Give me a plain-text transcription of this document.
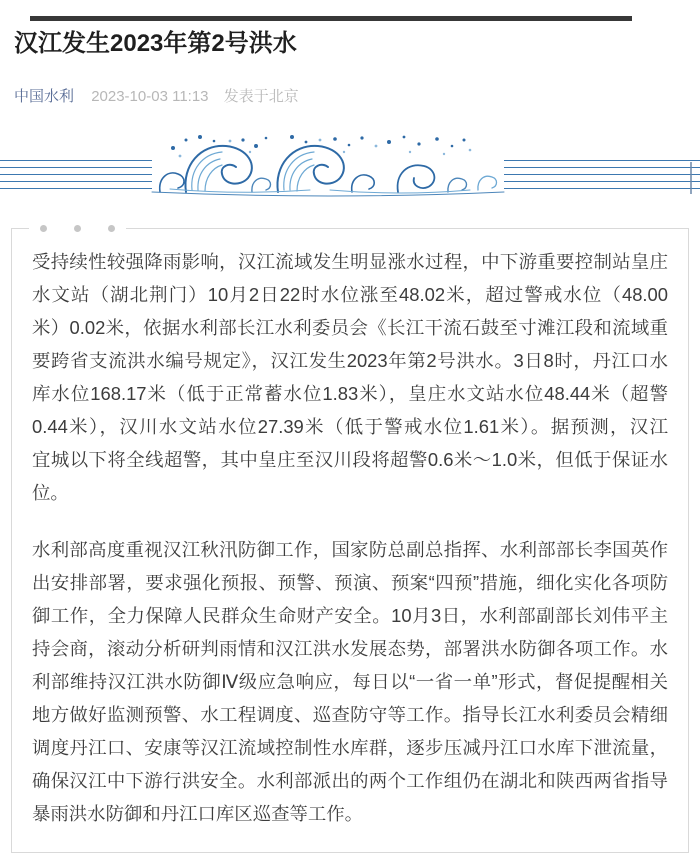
汉江发生2023年第2号洪水
中国水利 2023-10-03 11:13 发表于北京
受持续性较强降雨影响，汉江流域发生明显涨水过程，中下游重要控制站皇庄
水文站（湖北荆门）10月2日22时水位涨至48.02米，超过警戒水位（48.00
米）0.02米，依据水利部长江水利委员会《长江干流石鼓至寸滩江段和流域重
要跨省支流洪水编号规定》，汉江发生2023年第2号洪水。3日8时，丹江口水
库水位168.17米（低于正常蓄水位1.83米），皇庄水文站水位48.44米（超警
0.44米），汉川水文站水位27.39米（低于警戒水位1.61米）。据预测，汉江
宜城以下将全线超警，其中皇庄至汉川段将超警0.6米～1.0米，但低于保证水
位。
水利部高度重视汉江秋汛防御工作，国家防总副总指挥、水利部部长李国英作
出安排部署，要求强化预报、预警、预演、预案“四预”措施，细化实化各项防
御工作，全力保障人民群众生命财产安全。10月3日，水利部副部长刘伟平主
持会商，滚动分析研判雨情和汉江洪水发展态势，部署洪水防御各项工作。水
利部维持汉江洪水防御Ⅳ级应急响应，每日以“一省一单”形式，督促提醒相关
地方做好监测预警、水工程调度、巡查防守等工作。指导长江水利委员会精细
调度丹江口、安康等汉江流域控制性水库群，逐步压减丹江口水库下泄流量，
确保汉江中下游行洪安全。水利部派出的两个工作组仍在湖北和陕西两省指导
暴雨洪水防御和丹江口库区巡查等工作。
